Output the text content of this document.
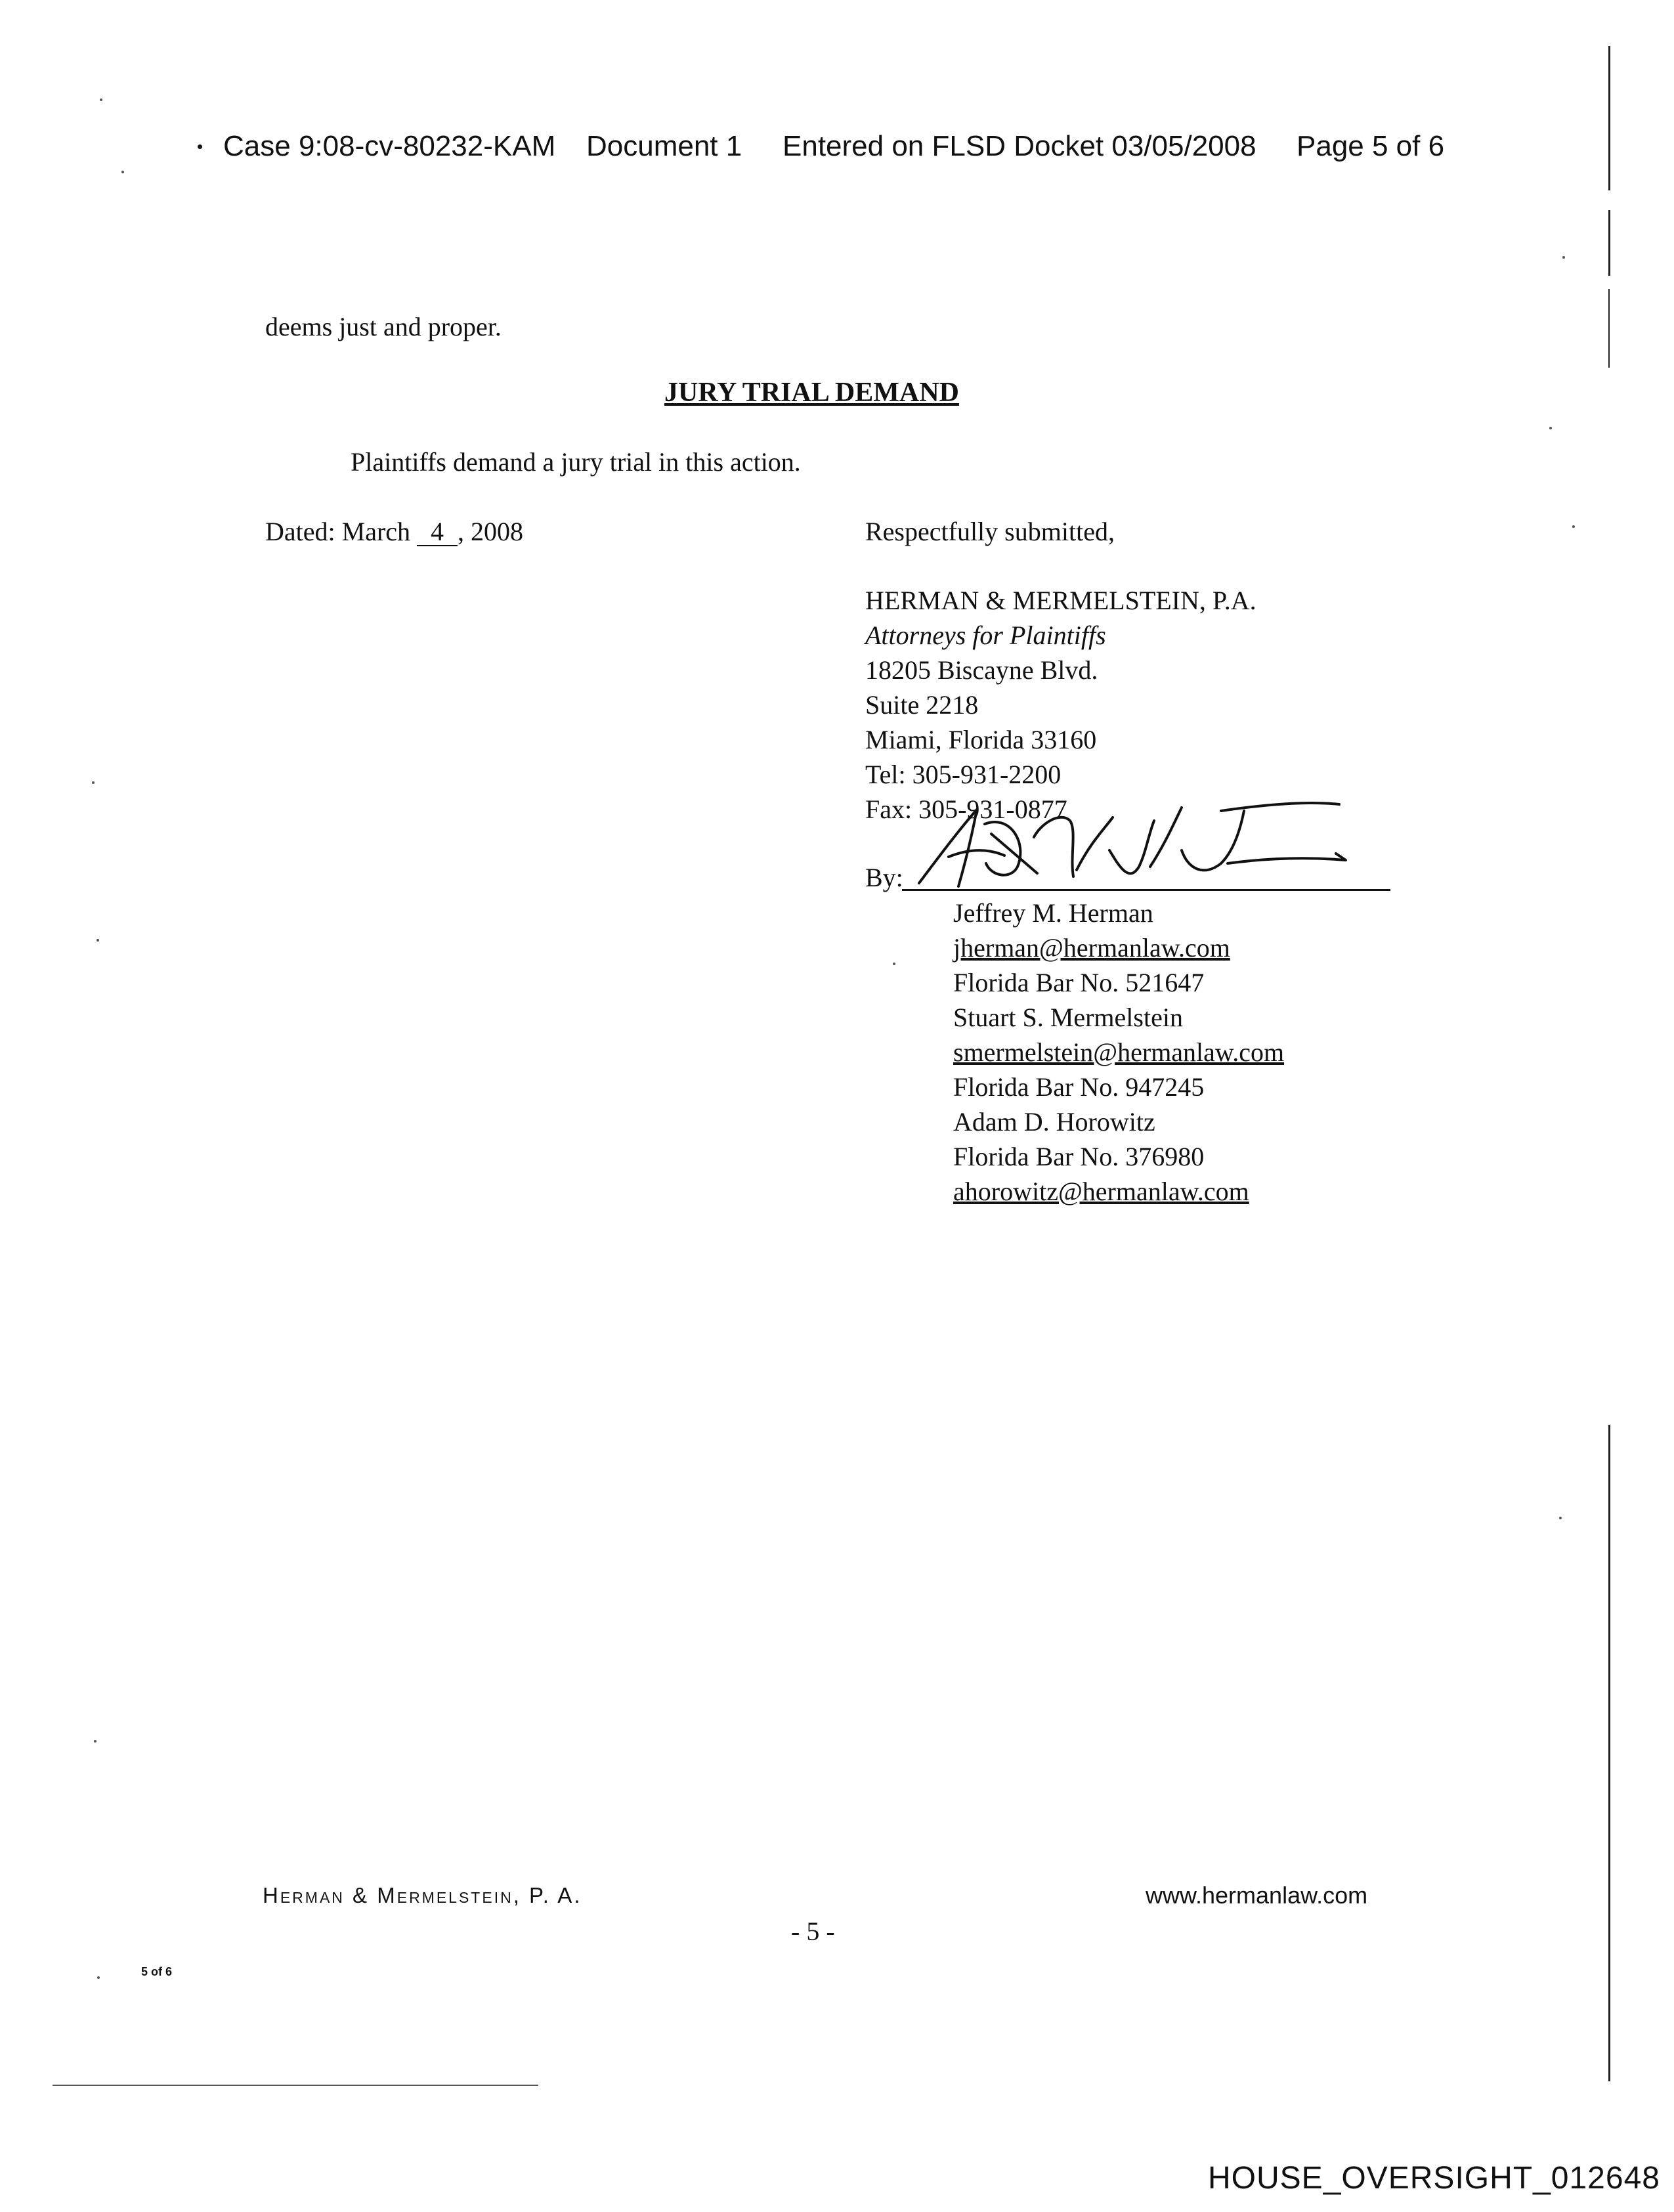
• Case 9:08-cv-80232-KAM Document 1 Entered on FLSD Docket 03/05/2008 Page 5 of 6
deems just and proper.
JURY TRIAL DEMAND
Plaintiffs demand a jury trial in this action.
Dated: March 4 , 2008	Respectfully submitted,
HERMAN & MERMELSTEIN, P.A.
Attorneys for Plaintiffs
18205 Biscayne Blvd.
Suite 2218
Miami, Florida 33160
Tel: 305-931-2200
Fax: 305-931-0877
By:
Jeffrey M. Herman
jherman@hermanlaw.com
Florida Bar No. 521647
Stuart S. Mermelstein
smermelstein@hermanlaw.com
Florida Bar No. 947245
Adam D. Horowitz
Florida Bar No. 376980
ahorowitz@hermanlaw.com
Herman & Mermelstein, P. A.	www.hermanlaw.com
- 5 -
5 of 6
HOUSE_OVERSIGHT_012648
